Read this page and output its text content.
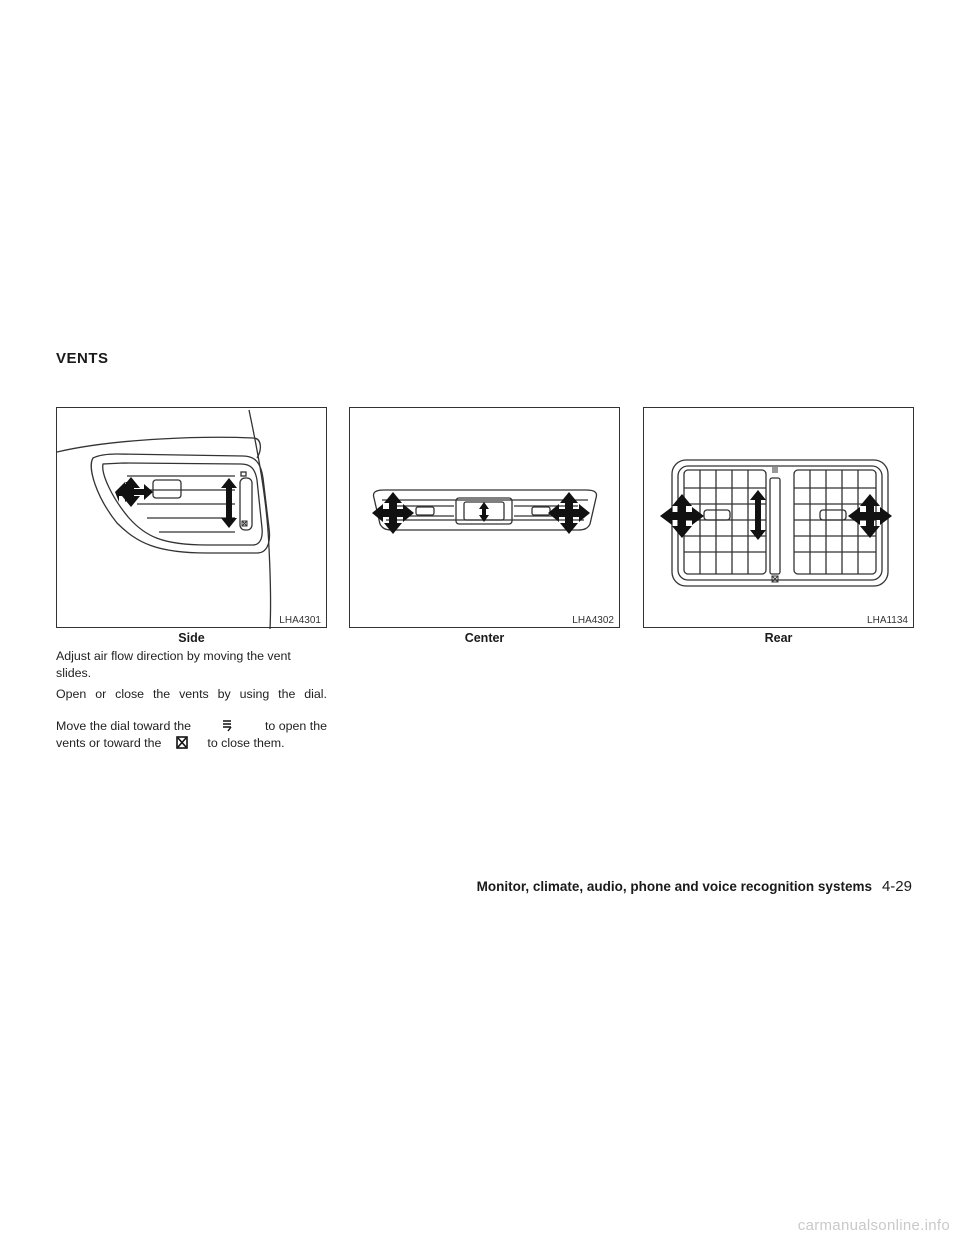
VENTS
LHA4301
Side
LHA4302
Center
LHA1134
Rear
Adjust air flow direction by moving the vent slides.
Open or close the vents by using the dial.
Move the dial toward the	to open the
vents or toward the	to close them.
Monitor, climate, audio, phone and voice recognition systems 4-29
carmanualsonline.info
